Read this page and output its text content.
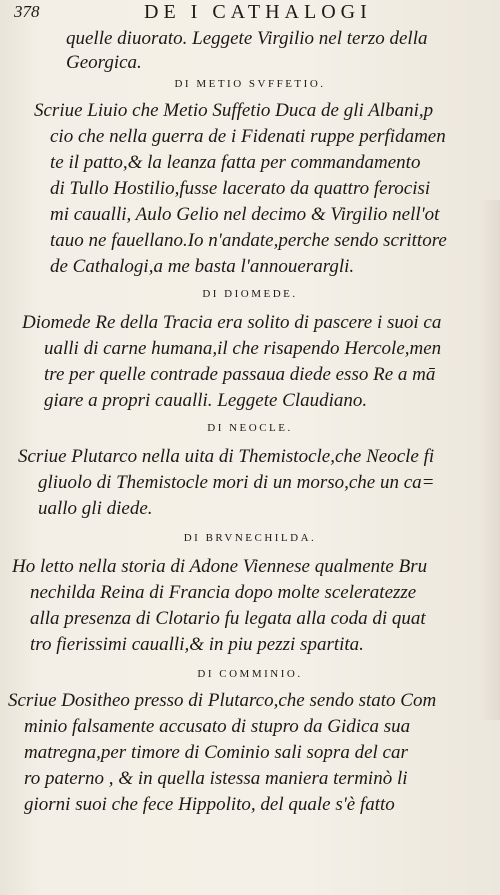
378	DE I CATHALOGI
quelle diuorato. Leggete Virgilio nel terzo della
Georgica.
DI METIO SVFFETIO.
Scriue Liuio che Metio Suffetio Duca de gli Albani,p
cio che nella guerra de i Fidenati ruppe perfidamen
te il patto,& la leanza fatta per commandamento
di Tullo Hostilio,fusse lacerato da quattro ferocisi
mi caualli, Aulo Gelio nel decimo & Virgilio nell'ot
tauo ne fauellano.Io n'andate,perche sendo scrittore
de Cathalogi,a me basta l'annouerargli.
DI DIOMEDE.
Diomede Re della Tracia era solito di pascere i suoi ca
ualli di carne humana,il che risapendo Hercole,men
tre per quelle contrade passaua diede esso Re a mā
giare a propri caualli. Leggete Claudiano.
DI NEOCLE.
Scriue Plutarco nella uita di Themistocle,che Neocle fi
gliuolo di Themistocle mori di un morso,che un ca=
uallo gli diede.
DI BRVNECHILDA.
Ho letto nella storia di Adone Viennese qualmente Bru
nechilda Reina di Francia dopo molte sceleratezze
alla presenza di Clotario fu legata alla coda di quat
tro fierissimi caualli,& in piu pezzi spartita.
DI COMMINIO.
Scriue Dositheo presso di Plutarco,che sendo stato Com
minio falsamente accusato di stupro da Gidica sua
matregna,per timore di Cominio sali sopra del car
ro paterno , & in quella istessa maniera terminò li
giorni suoi che fece Hippolito, del quale s'è fatto
